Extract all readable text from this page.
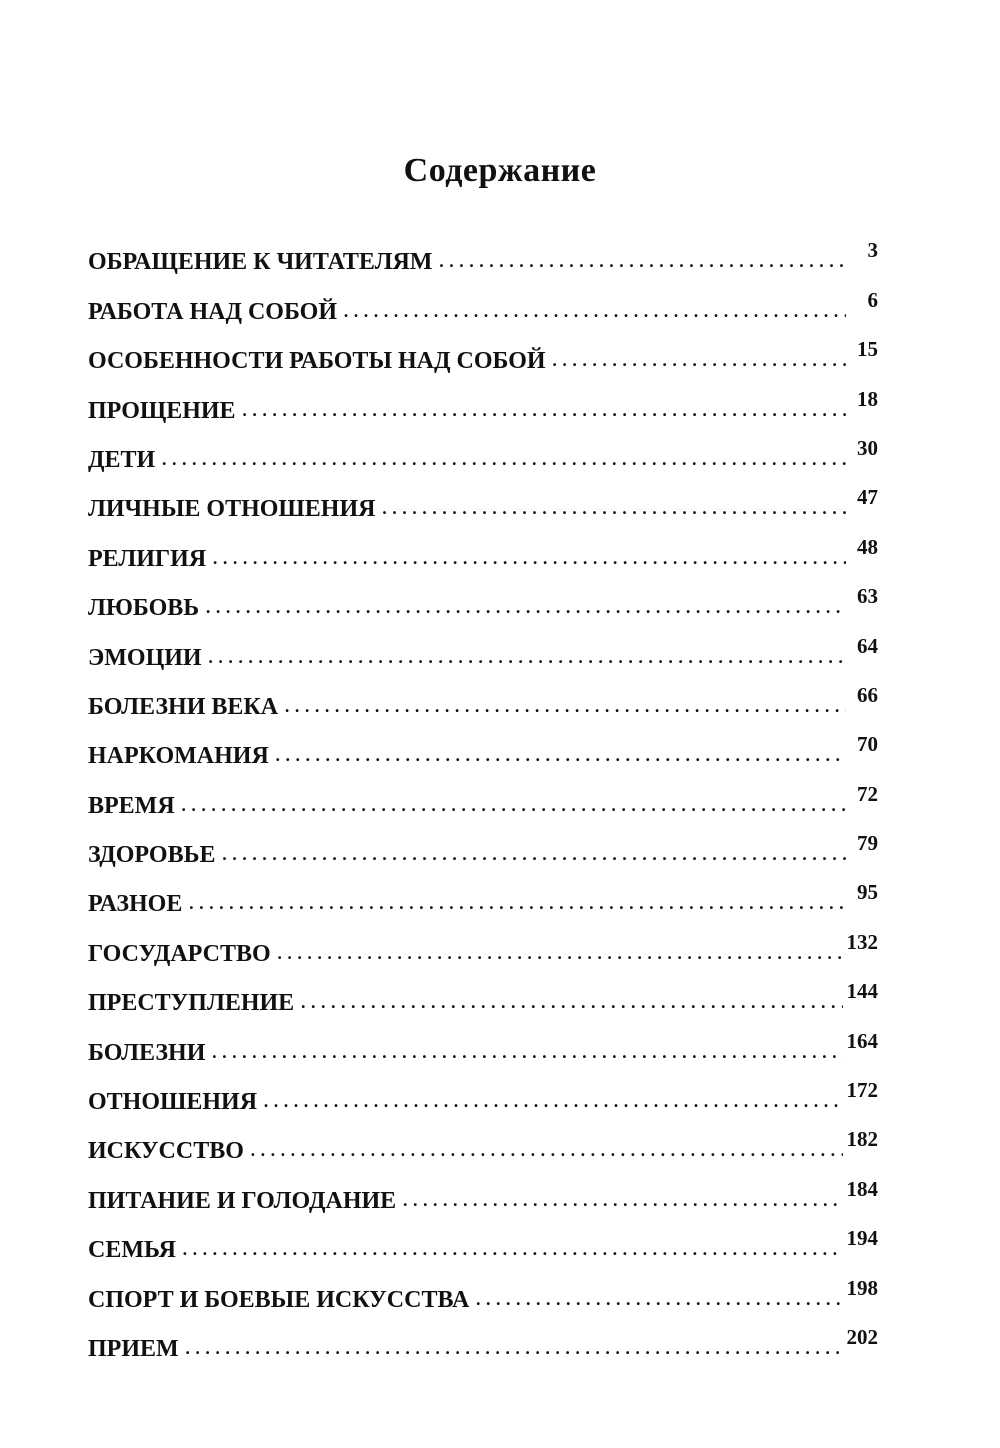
Содержание
ОБРАЩЕНИЕ К ЧИТАТЕЛЯМ . . .	3
РАБОТА НАД СОБОЙ . . .	6
ОСОБЕННОСТИ РАБОТЫ НАД СОБОЙ . . .	15
ПРОЩЕНИЕ . . .	18
ДЕТИ . . .	30
ЛИЧНЫЕ ОТНОШЕНИЯ . . .	47
РЕЛИГИЯ . . .	48
ЛЮБОВЬ . . .	63
ЭМОЦИИ . . .	64
БОЛЕЗНИ ВЕКА . . .	66
НАРКОМАНИЯ . . .	70
ВРЕМЯ . . .	72
ЗДОРОВЬЕ . . .	79
РАЗНОЕ . . .	95
ГОСУДАРСТВО . . .	132
ПРЕСТУПЛЕНИЕ . . .	144
БОЛЕЗНИ . . .	164
ОТНОШЕНИЯ . . .	172
ИСКУССТВО . . .	182
ПИТАНИЕ И ГОЛОДАНИЕ . . .	184
СЕМЬЯ . . .	194
СПОРТ И БОЕВЫЕ ИСКУССТВА . . .	198
ПРИЕМ . . .	202
